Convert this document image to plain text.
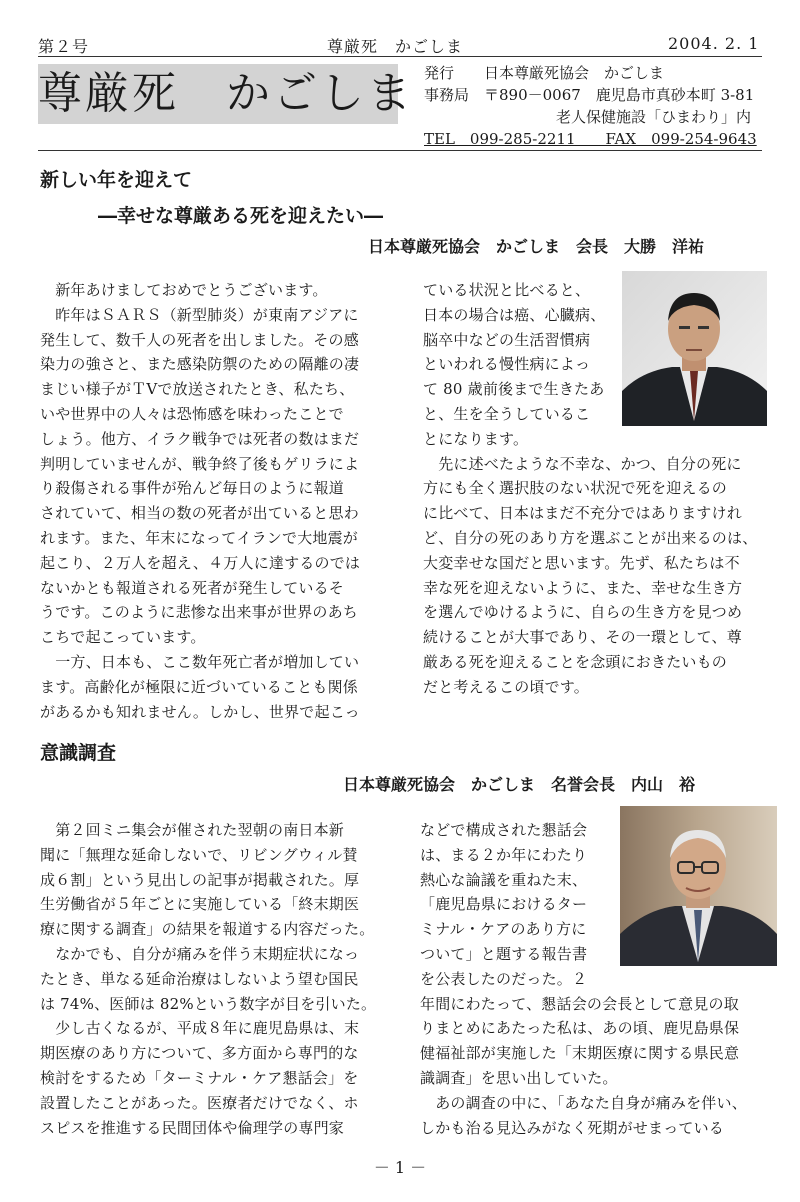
第２号	尊厳死　かごしま	2004. 2. 1
尊厳死　かごしま 発行　　日本尊厳死協会　かごしま
事務局　〒890－0067　鹿児島市真砂本町 3-81
老人保健施設「ひまわり」内
TEL　099-285-2211　　FAX　099-254-9643
新しい年を迎えて
―幸せな尊厳ある死を迎えたい―
日本尊厳死協会　かごしま　会長　大勝　洋祐
　新年あけましておめでとうございます。
　昨年はＳＡＲＳ（新型肺炎）が東南アジアに
発生して、数千人の死者を出しました。その感
染力の強さと、また感染防禦のための隔離の凄
まじい様子がＴVで放送されたとき、私たち、
いや世界中の人々は恐怖感を味わったことで
しょう。他方、イラク戦争では死者の数はまだ
判明していませんが、戦争終了後もゲリラによ
り殺傷される事件が殆んど毎日のように報道
されていて、相当の数の死者が出ていると思わ
れます。また、年末になってイランで大地震が
起こり、２万人を超え、４万人に達するのでは
ないかとも報道される死者が発生しているそ
うです。このように悲惨な出来事が世界のあち
こちで起こっています。
　一方、日本も、ここ数年死亡者が増加してい
ます。高齢化が極限に近づいていることも関係
があるかも知れません。しかし、世界で起こっ
ている状況と比べると、
日本の場合は癌、心臓病、
脳卒中などの生活習慣病
といわれる慢性病によっ
て 80 歳前後まで生きたあ
と、生を全うしているこ
とになります。
　先に述べたような不幸な、かつ、自分の死に
方にも全く選択肢のない状況で死を迎えるの
に比べて、日本はまだ不充分ではありますけれ
ど、自分の死のあり方を選ぶことが出来るのは、
大変幸せな国だと思います。先ず、私たちは不
幸な死を迎えないように、また、幸せな生き方
を選んでゆけるように、自らの生き方を見つめ
続けることが大事であり、その一環として、尊
厳ある死を迎えることを念頭におきたいもの
だと考えるこの頃です。
意識調査
日本尊厳死協会　かごしま　名誉会長　内山　裕
　第２回ミニ集会が催された翌朝の南日本新
聞に「無理な延命しないで、リビングウィル賛
成６割」という見出しの記事が掲載された。厚
生労働省が５年ごとに実施している「終末期医
療に関する調査」の結果を報道する内容だった。
　なかでも、自分が痛みを伴う末期症状になっ
たとき、単なる延命治療はしないよう望む国民
は 74%、医師は 82%という数字が目を引いた。
　少し古くなるが、平成８年に鹿児島県は、末
期医療のあり方について、多方面から専門的な
検討をするため「ターミナル・ケア懇話会」を
設置したことがあった。医療者だけでなく、ホ
スピスを推進する民間団体や倫理学の専門家
などで構成された懇話会
は、まる２か年にわたり
熱心な論議を重ねた末、
「鹿児島県におけるター
ミナル・ケアのあり方に
ついて」と題する報告書
を公表したのだった。２
年間にわたって、懇話会の会長として意見の取
りまとめにあたった私は、あの頃、鹿児島県保
健福祉部が実施した「末期医療に関する県民意
識調査」を思い出していた。
　あの調査の中に、「あなた自身が痛みを伴い、
しかも治る見込みがなく死期がせまっている
－ 1 －
